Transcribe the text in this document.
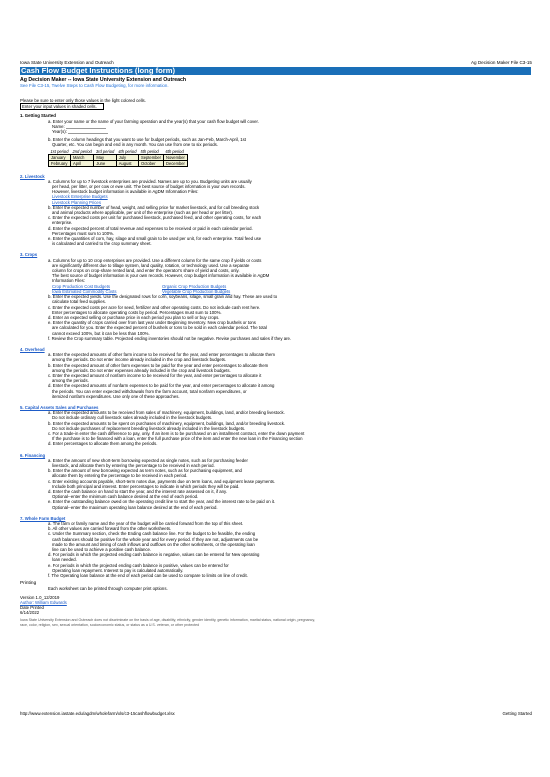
Iowa State University Extension and Outreach	Ag Decision Maker File C3-15
Cash Flow Budget Instructions (long form)
Ag Decision Maker -- Iowa State University Extension and Outreach
See File C3-15, Twelve Steps to Cash Flow Budgeting, for more information.
Please be sure to enter only those values in the light colored cells.
Enter your input values in shaded cells.
1. Getting Started
a. Enter your name or the name of your farming operation and the year(s) that your cash flow budget will cover.
Name:
Year(s):
b. Enter the column headings that you want to use for budget periods, such as Jan-Feb, March-April, 1st
Quarter, etc. You can begin and end in any month. You can use from one to six periods.
1st period	2nd period	3rd period	4th period	5th period	6th period
January	March	May	July	September	November
February	April	June	August	October	December
2. Livestock
a. Columns for up to 7 livestock enterprises are provided. Names are up to you. Budgeting units are usually
per head, per litter, or per cow or ewe unit. The best source of budget information is your own records.
However, livestock budget information is available in AgDM Information Files:
Livestock Enterprise Budgets
Livestock Planning Prices
b. Enter the expected number of head, weight, and selling price for market livestock, and for cull breeding stock
and animal products where applicable, per unit of the enterprise (such as per head or per litter).
c. Enter the expected costs per unit for purchased livestock, purchased feed, and other operating costs, for each
enterprise.
d. Enter the expected percent of total revenue and expenses to be received or paid in each calendar period.
Percentages must sum to 100%.
e. Enter the quantities of corn, hay, silage and small grain to be used per unit, for each enterprise. Total feed use
is calculated and carried to the crop summary sheet.
3. Crops
a. Columns for up to 10 crop enterprises are provided. Use a different column for the same crop if yields or costs
are significantly different due to tillage system, land quality, rotation, or technology used. Use a separate
column for crops on crop-share rented land, and enter the operator's share of yield and costs, only.
The best source of budget information is your own records. However, crop budget information is available in AgDM
Information Files:
Crop Production Cost Budgets	Organic Crop Production Budgets
Iowa Estimated Commodity Costs	Vegetable Crop Production Budgets
b. Enter the expected yields. Use the designated rows for corn, soybeans, silage, small grain and hay. These are used to
calculate total feed supplies.
c. Enter the expected costs per acre for seed, fertilizer and other operating costs. Do not include cash rent here.
Enter percentages to allocate operating costs by period. Percentages must sum to 100%.
d. Enter an expected selling or purchase price in each period you plan to sell or buy crops.
e. Enter the quantity of crops carried over from last year under Beginning Inventory. New crop bushels or tons
are calculated for you. Enter the expected percent of bushels or tons to be sold in each calendar period. The total
cannot exceed 100%, but it can be less than 100%.
f. Review the Crop summary table. Projected ending inventories should not be negative. Revise purchases and sales if they are.
4. Overhead
a. Enter the expected amounts of other farm income to be received for the year, and enter percentages to allocate them
among the periods. Do not enter income already included in the crop and livestock budgets.
b. Enter the expected amount of other farm expenses to be paid for the year and enter percentages to allocate them
among the periods. Do not enter expenses already included in the crop and livestock budgets.
c. Enter the expected amount of nonfarm income to be received for the year, and enter percentages to allocate it
among the periods.
d. Enter the expected amounts of nonfarm expenses to be paid for the year, and enter percentages to allocate it among
the periods. You can enter expected withdrawals from the farm account, total nonfarm expenditures, or
itemized nonfarm expenditures. Use only one of these approaches.
5. Capital Assets Sales and Purchases
a. Enter the expected amounts to be received from sales of machinery, equipment, buildings, land, and/or breeding livestock.
Do not include ordinary cull livestock sales already included in the livestock budgets.
b. Enter the expected amounts to be spent on purchases of machinery, equipment, buildings, land, and/or breeding livestock.
Do not include purchases of replacement breeding livestock already included in the livestock budgets.
c. For a trade-in enter the cash difference to pay, only. If an item is to be purchased on an installment contract, enter the down payment
If the purchase is to be financed with a loan, enter the full purchase price of the item and enter the new loan in the Financing section
d. Enter percentages to allocate them among the periods.
6. Financing
a. Enter the amount of new short-term borrowing expected as single notes, such as for purchasing feeder
livestock, and allocate them by entering the percentage to be received in each period.
b. Enter the amount of new borrowing expected as term notes, such as for purchasing equipment, and
allocate them by entering the percentage to be received in each period.
c. Enter existing accounts payable, short-term notes due, payments due on term loans, and equipment lease payments.
Include both principal and interest. Enter percentages to indicate in which periods they will be paid.
d. Enter the cash balance on hand to start the year, and the interest rate assessed on it, if any.
Optional--enter the minimum cash balance desired at the end of each period.
e. Enter the outstanding balance owed on the operating credit line to start the year, and the interest rate to be paid on it.
Optional--enter the maximum operating loan balance desired at the end of each period.
7. Whole Farm Budget
a. The farm or family name and the year of the budget will be carried forward from the top of this sheet.
b. All other values are carried forward from the other worksheets.
c. Under the Summary section, check the Ending cash balance line. For the budget to be feasible, the ending
cash balances should be positive for the whole year and for every period. If they are not, adjustments can be
made to the amount and timing of cash inflows and outflows on the other worksheets, or the operating loan
line can be used to achieve a positive cash balance.
d. For periods in which the projected ending cash balance is negative, values can be entered for New operating
loan needed.
e. For periods in which the projected ending cash balance is positive, values can be entered for
Operating loan repayment. Interest to pay is calculated automatically.
f. The Operating loan balance at the end of each period can be used to compare to limits on line of credit.
Printing
Each worksheet can be printed through computer print options.
Version 1.0_12/2019
Author: William Edwards
Date Printed
6/14/2022
Iowa State University Extension and Outreach does not discriminate on the basis of age, disability, ethnicity, gender identity, genetic information, marital status, national origin, pregnancy, race, color, religion, sex, sexual orientation, socioeconomic status, or status as a U.S. veteran, or other protected
http://www.extension.iastate.edu/agdm/wholefarm/xls/c3-15cashflowbudget.xlsx	Getting Started
